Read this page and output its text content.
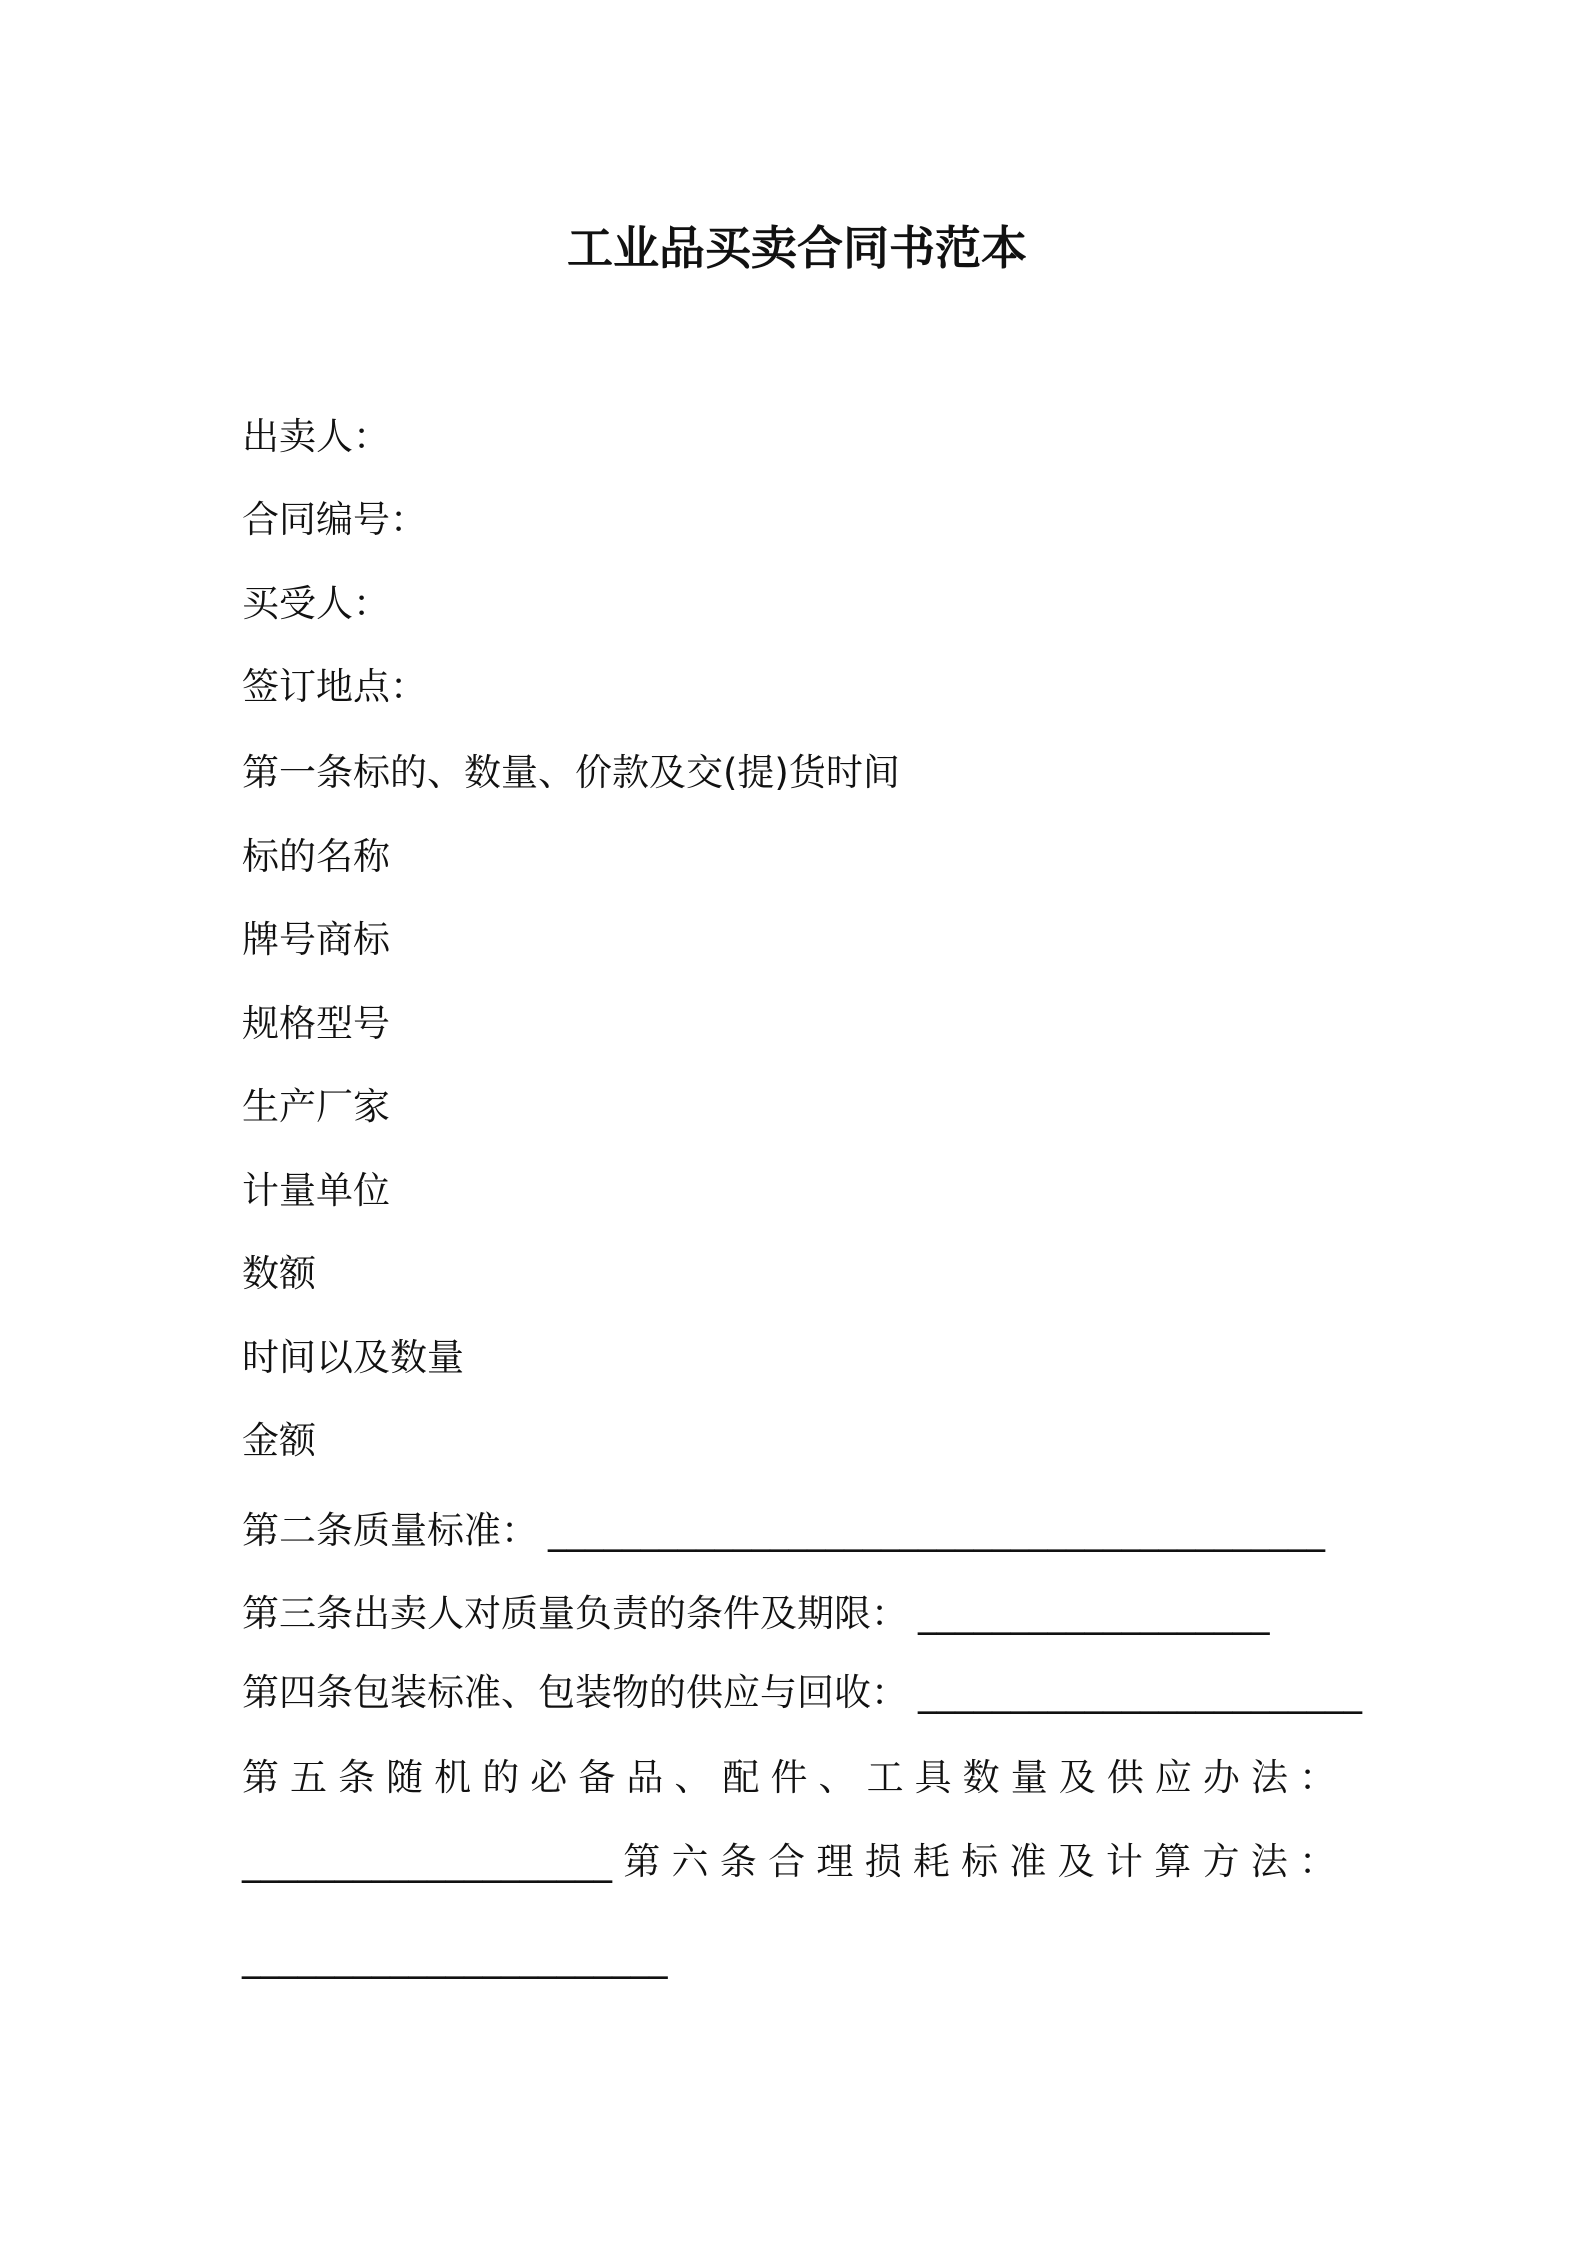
工业品买卖合同书范本
出卖人：
合同编号：
买受人：
签订地点：
第一条标的、数量、价款及交(提)货时间
标的名称
牌号商标
规格型号
生产厂家
计量单位
数额
时间以及数量
金额
第二条质量标准： __________________________________________
第三条出卖人对质量负责的条件及期限： ___________________
第四条包装标准、包装物的供应与回收： ________________________
第五条随机的必备品、配件、工具数量及供应办法：
____________________第六条合理损耗标准及计算方法：
_______________________
